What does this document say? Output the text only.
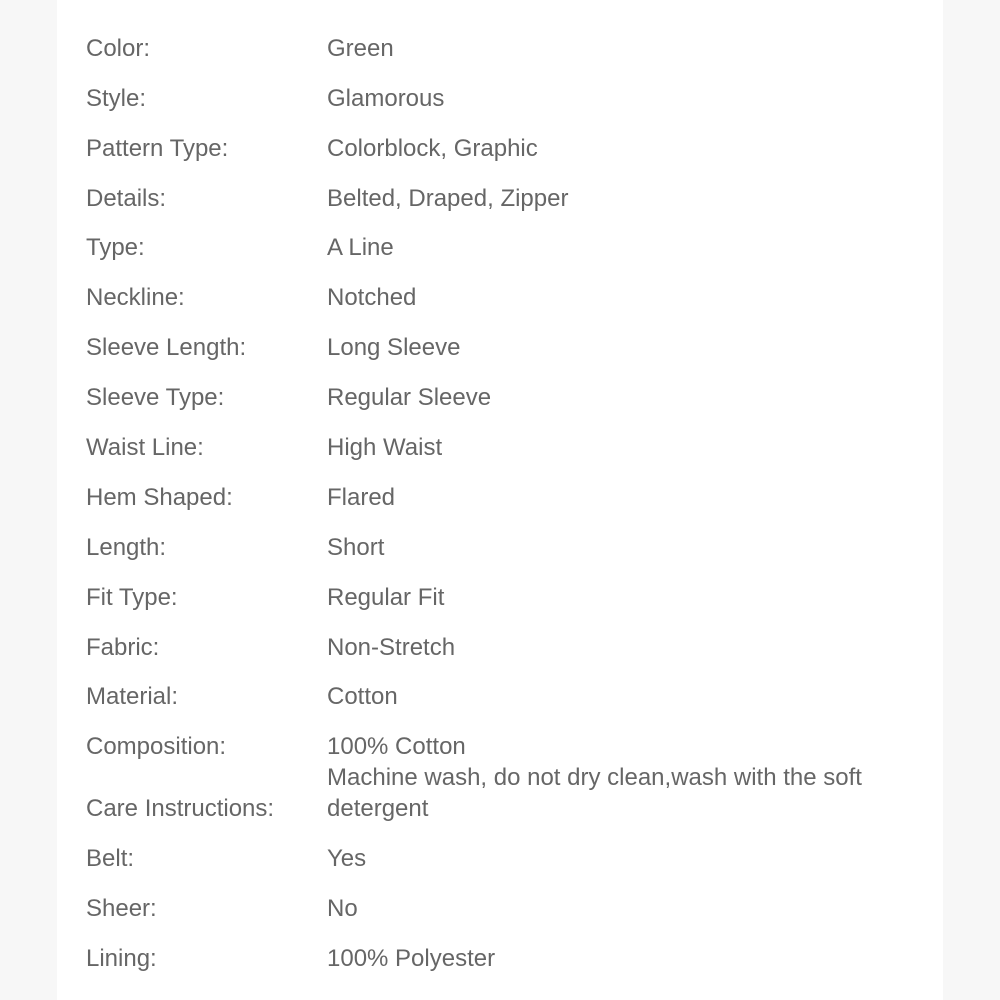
Color:	Green
Style:	Glamorous
Pattern Type:	Colorblock, Graphic
Details:	Belted, Draped, Zipper
Type:	A Line
Neckline:	Notched
Sleeve Length:	Long Sleeve
Sleeve Type:	Regular Sleeve
Waist Line:	High Waist
Hem Shaped:	Flared
Length:	Short
Fit Type:	Regular Fit
Fabric:	Non-Stretch
Material:	Cotton
Composition:	100% Cotton
Care Instructions:	Machine wash, do not dry clean,wash with the soft detergent
Belt:	Yes
Sheer:	No
Lining:	100% Polyester
